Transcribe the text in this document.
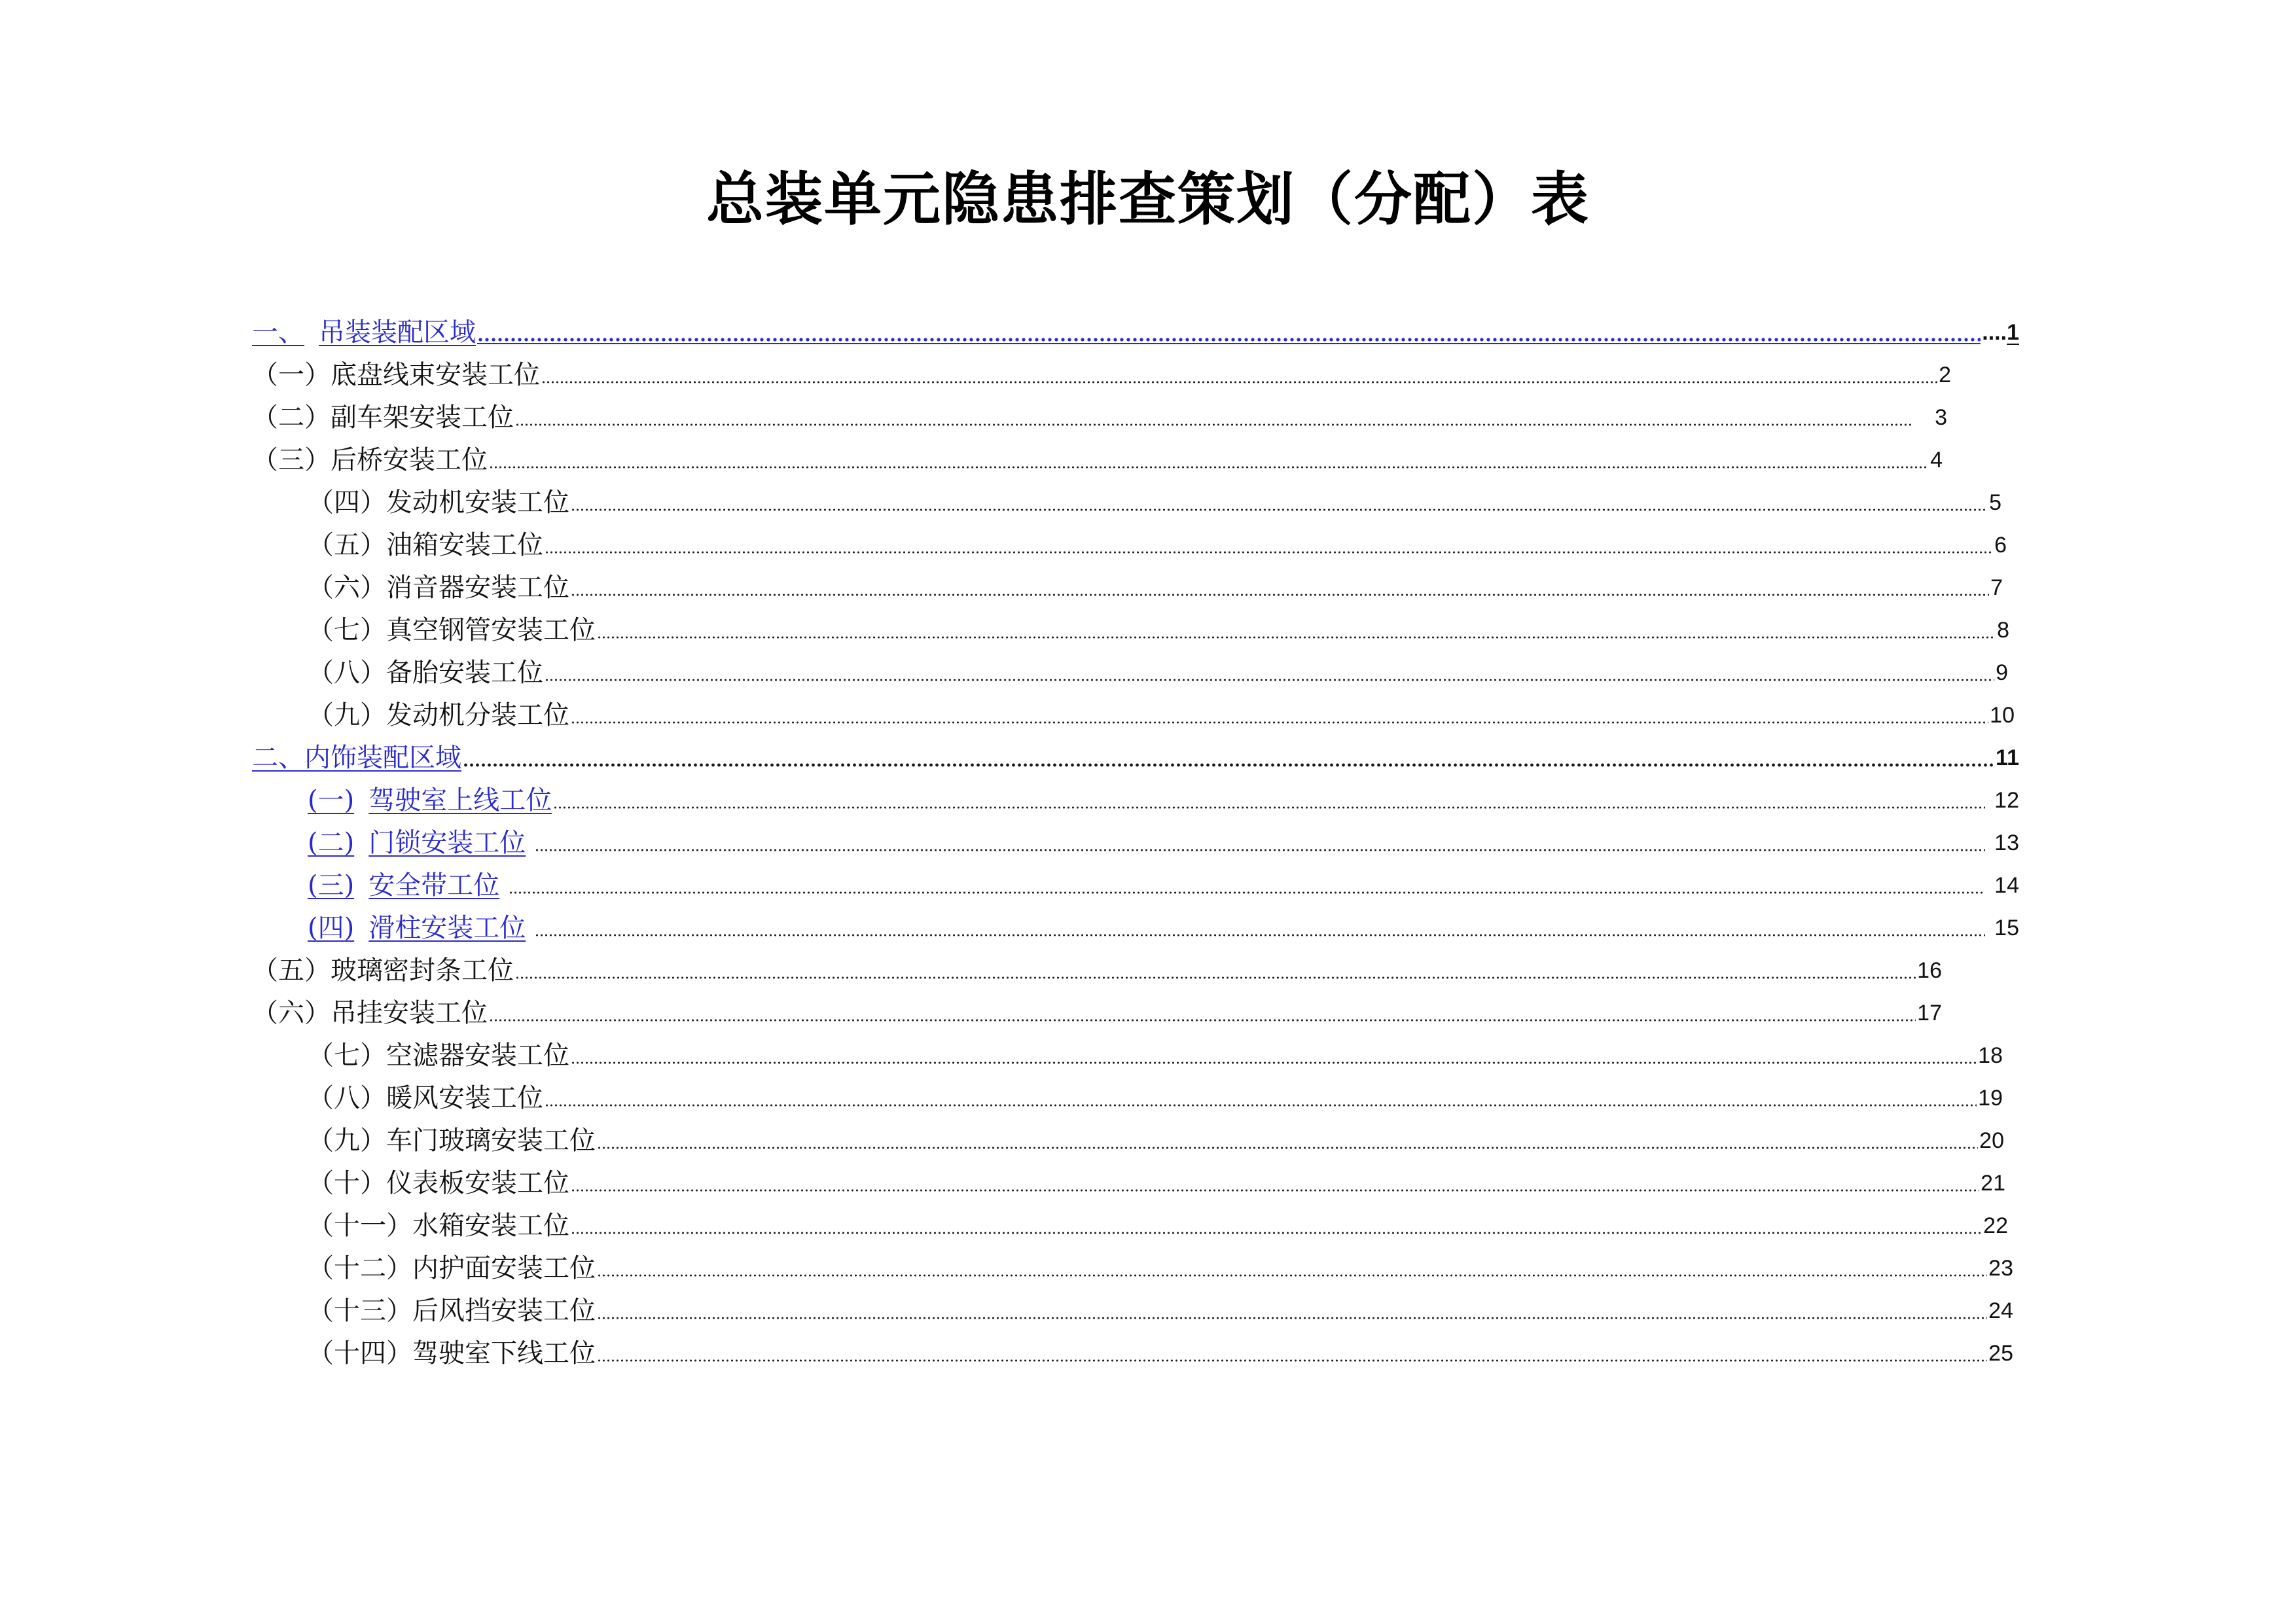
总装单元隐患排查策划（分配）表
一、 吊装装配区域	....1
（一）底盘线束安装工位	2
（二）副车架安装工位	3
（三）后桥安装工位	4
（四）发动机安装工位	5
（五）油箱安装工位	6
（六）消音器安装工位	7
（七）真空钢管安装工位	8
（八）备胎安装工位	9
（九）发动机分装工位	10
二、内饰装配区域	11
(一) 驾驶室上线工位	12
(二) 门锁安装工位	13
(三) 安全带工位	14
(四) 滑柱安装工位	15
（五）玻璃密封条工位	16
（六）吊挂安装工位	17
（七）空滤器安装工位	18
（八）暖风安装工位	19
（九）车门玻璃安装工位	20
（十）仪表板安装工位	21
（十一）水箱安装工位	22
（十二）内护面安装工位	23
（十三）后风挡安装工位	24
（十四）驾驶室下线工位	25
